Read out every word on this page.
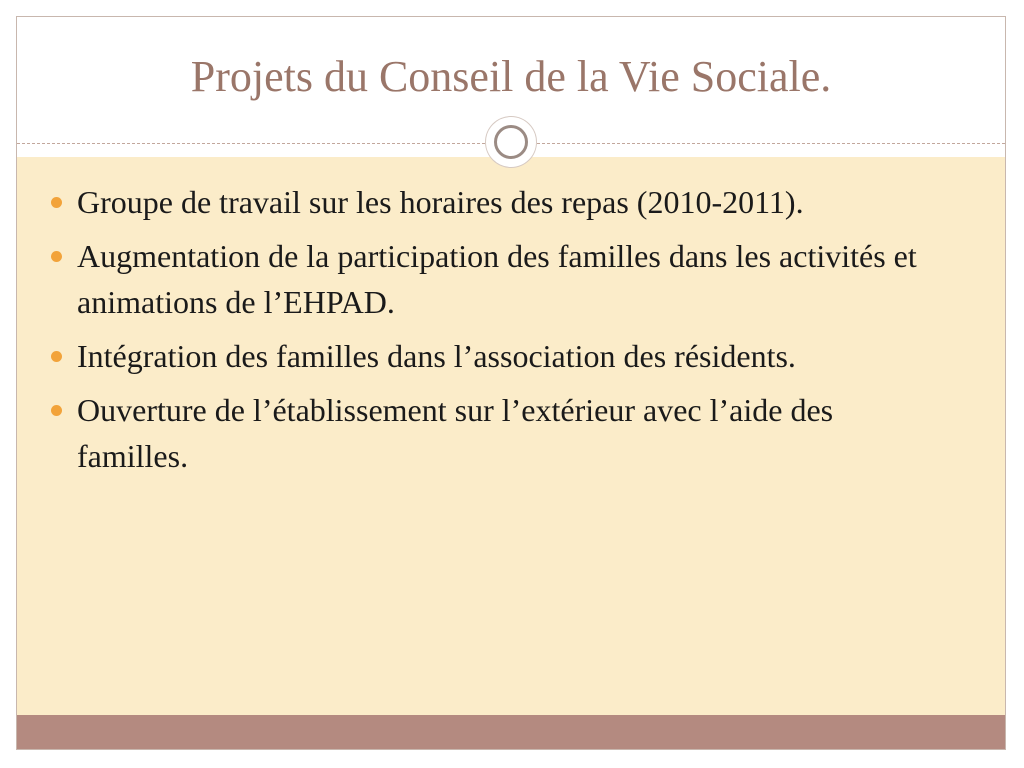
Projets du Conseil de la Vie Sociale.
Groupe de travail sur les horaires des repas (2010-2011).
Augmentation de la participation des familles dans les activités et animations de l’EHPAD.
Intégration des familles dans l’association des résidents.
Ouverture de l’établissement sur l’extérieur avec l’aide des familles.
